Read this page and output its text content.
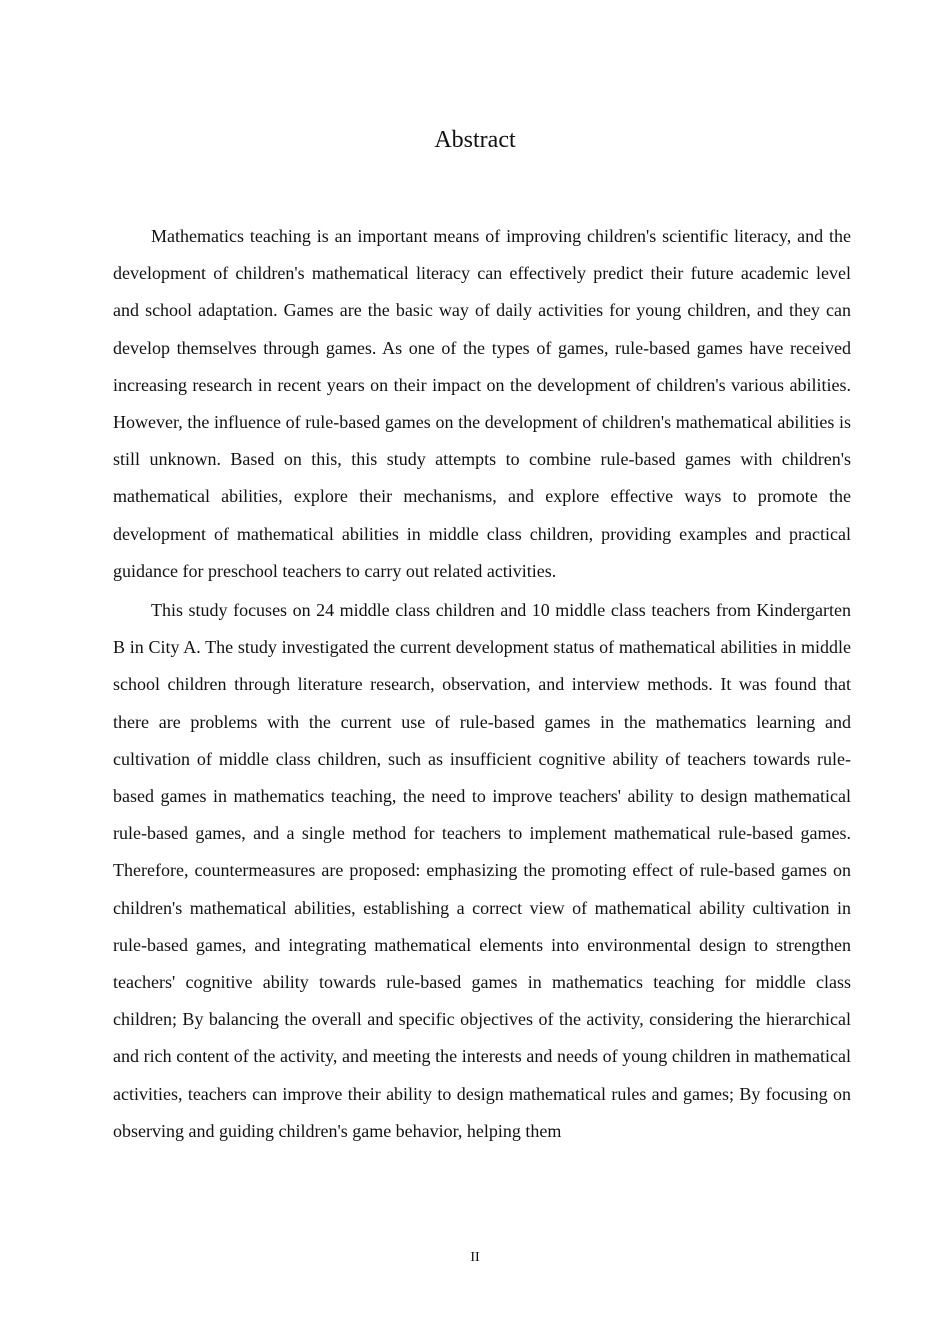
Abstract

Mathematics teaching is an important means of improving children's scientific literacy, and the development of children's mathematical literacy can effectively predict their future academic level and school adaptation. Games are the basic way of daily activities for young children, and they can develop themselves through games. As one of the types of games, rule-based games have received increasing research in recent years on their impact on the development of children's various abilities. However, the influence of rule-based games on the development of children's mathematical abilities is still unknown. Based on this, this study attempts to combine rule-based games with children's mathematical abilities, explore their mechanisms, and explore effective ways to promote the development of mathematical abilities in middle class children, providing examples and practical guidance for preschool teachers to carry out related activities.

This study focuses on 24 middle class children and 10 middle class teachers from Kindergarten B in City A. The study investigated the current development status of mathematical abilities in middle school children through literature research, observation, and interview methods. It was found that there are problems with the current use of rule-based games in the mathematics learning and cultivation of middle class children, such as insufficient cognitive ability of teachers towards rule-based games in mathematics teaching, the need to improve teachers' ability to design mathematical rule-based games, and a single method for teachers to implement mathematical rule-based games. Therefore, countermeasures are proposed: emphasizing the promoting effect of rule-based games on children's mathematical abilities, establishing a correct view of mathematical ability cultivation in rule-based games, and integrating mathematical elements into environmental design to strengthen teachers' cognitive ability towards rule-based games in mathematics teaching for middle class children; By balancing the overall and specific objectives of the activity, considering the hierarchical and rich content of the activity, and meeting the interests and needs of young children in mathematical activities, teachers can improve their ability to design mathematical rules and games; By focusing on observing and guiding children's game behavior, helping them

II
